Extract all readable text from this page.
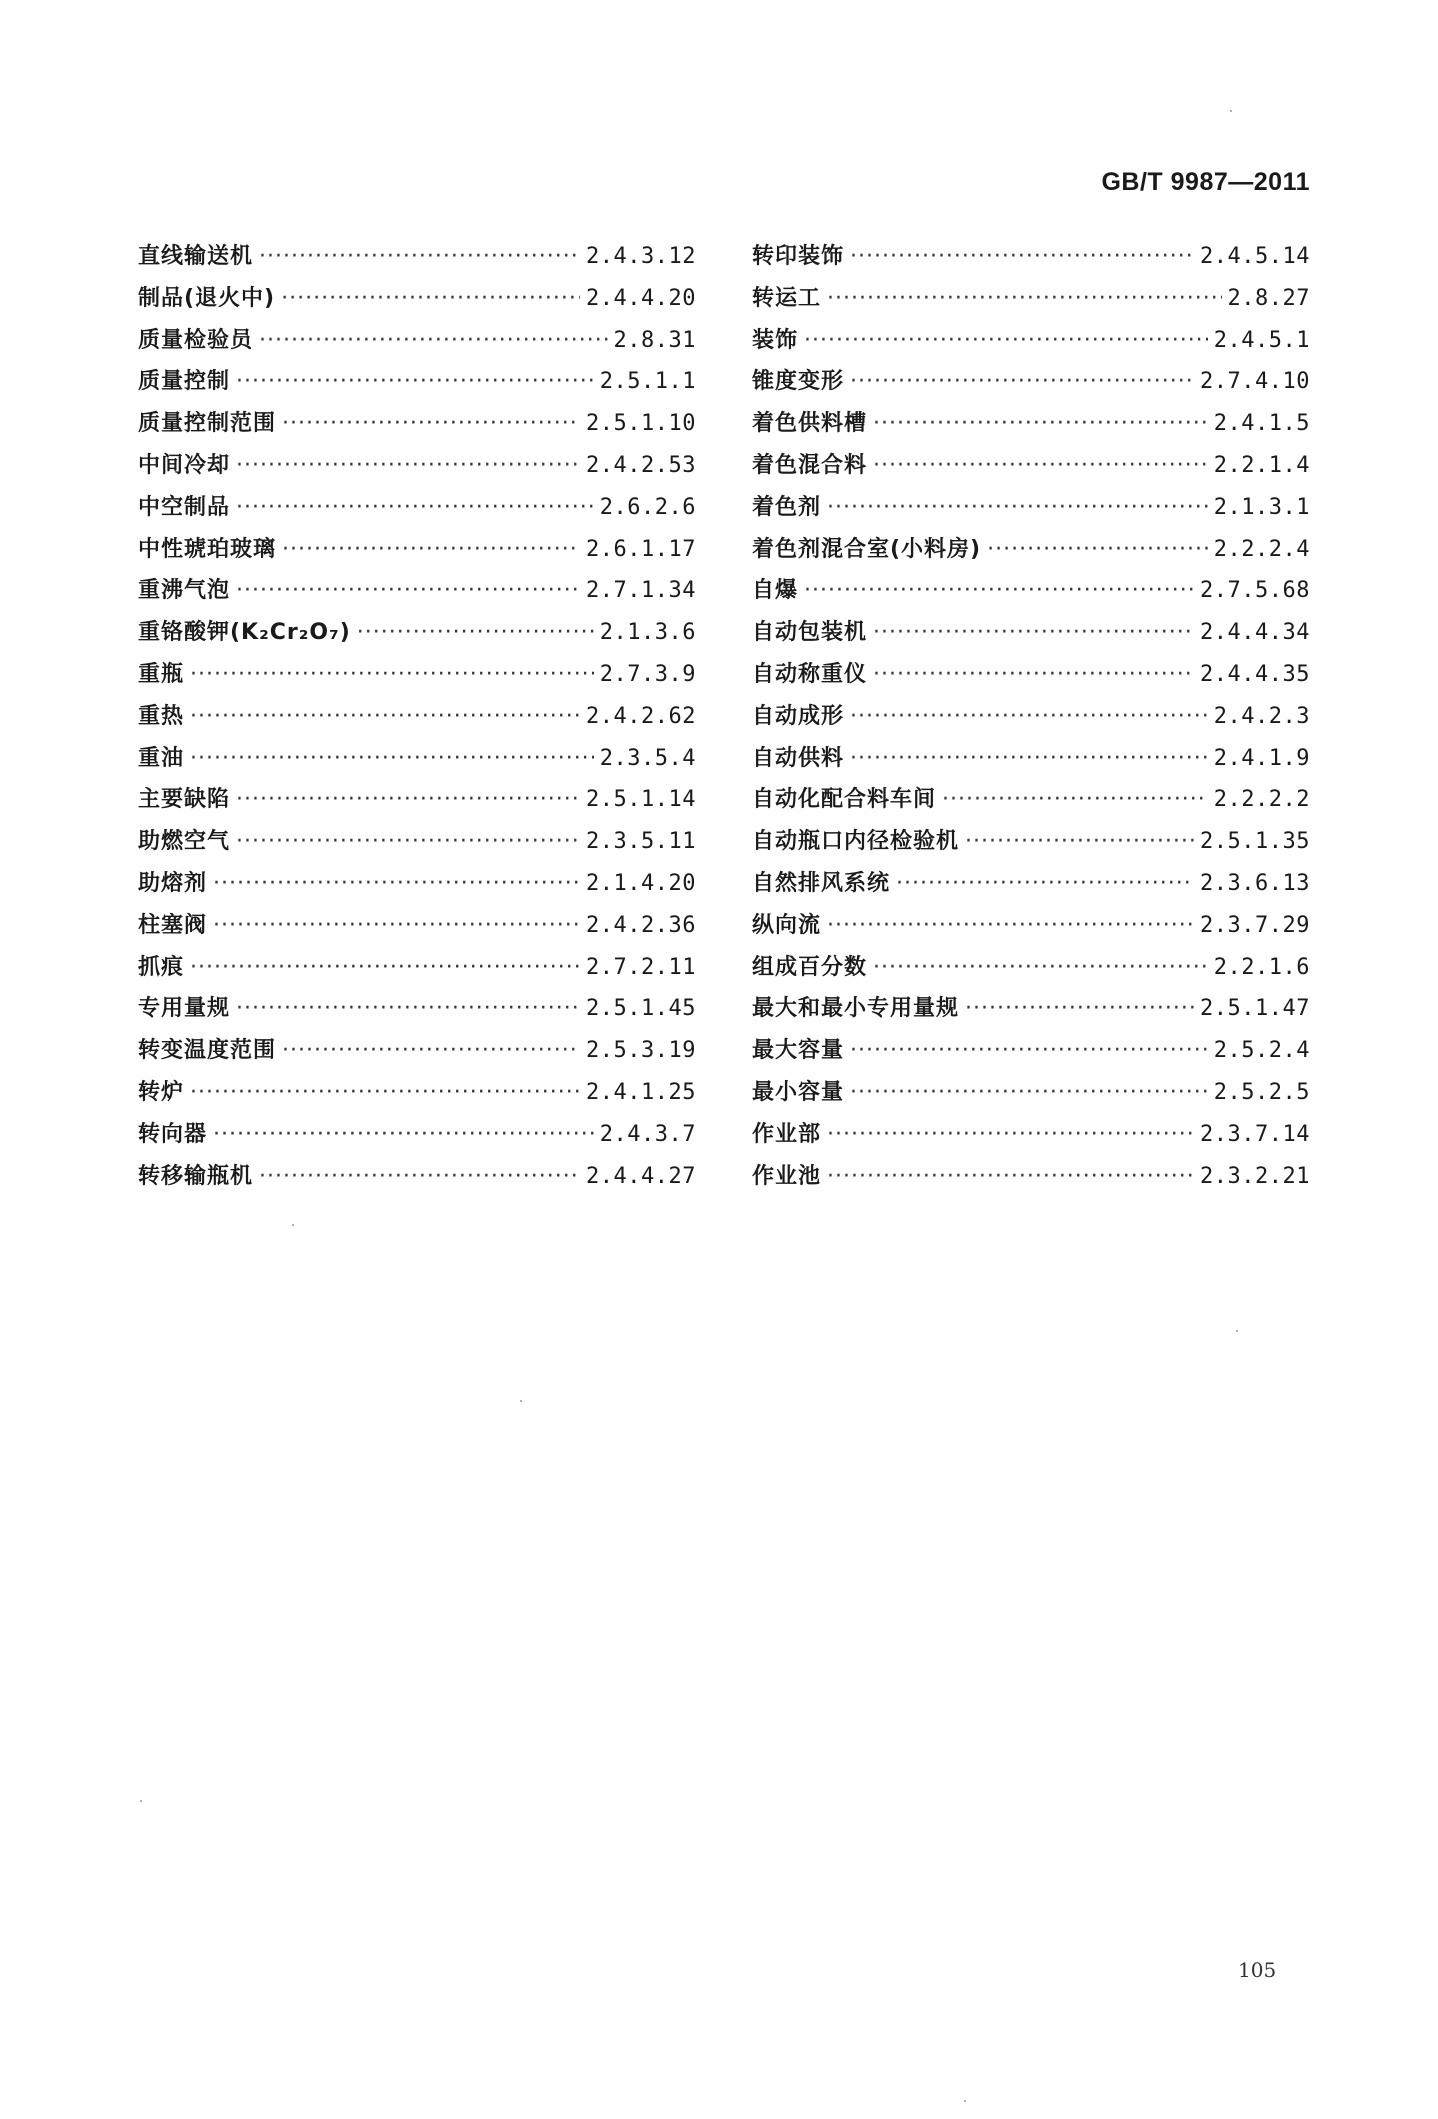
GB/T 9987—2011
直线输送机 ·····	2.4.3.12
制品(退火中) ·····	2.4.4.20
质量检验员 ·····	2.8.31
质量控制 ·····	2.5.1.1
质量控制范围 ·····	2.5.1.10
中间冷却 ·····	2.4.2.53
中空制品 ·····	2.6.2.6
中性琥珀玻璃 ·····	2.6.1.17
重沸气泡 ·····	2.7.1.34
重铬酸钾(K₂Cr₂O₇) ·····	2.1.3.6
重瓶 ·····	2.7.3.9
重热 ·····	2.4.2.62
重油 ·····	2.3.5.4
主要缺陷 ·····	2.5.1.14
助燃空气 ·····	2.3.5.11
助熔剂 ·····	2.1.4.20
柱塞阀 ·····	2.4.2.36
抓痕 ·····	2.7.2.11
专用量规 ·····	2.5.1.45
转变温度范围 ·····	2.5.3.19
转炉 ·····	2.4.1.25
转向器 ·····	2.4.3.7
转移输瓶机 ·····	2.4.4.27
转印装饰 ·····	2.4.5.14
转运工 ·····	2.8.27
装饰 ·····	2.4.5.1
锥度变形 ·····	2.7.4.10
着色供料槽 ·····	2.4.1.5
着色混合料 ·····	2.2.1.4
着色剂 ·····	2.1.3.1
着色剂混合室(小料房) ·····	2.2.2.4
自爆 ·····	2.7.5.68
自动包装机 ·····	2.4.4.34
自动称重仪 ·····	2.4.4.35
自动成形 ·····	2.4.2.3
自动供料 ·····	2.4.1.9
自动化配合料车间 ·····	2.2.2.2
自动瓶口内径检验机 ·····	2.5.1.35
自然排风系统 ·····	2.3.6.13
纵向流 ·····	2.3.7.29
组成百分数 ·····	2.2.1.6
最大和最小专用量规 ·····	2.5.1.47
最大容量 ·····	2.5.2.4
最小容量 ·····	2.5.2.5
作业部 ·····	2.3.7.14
作业池 ·····	2.3.2.21
105
